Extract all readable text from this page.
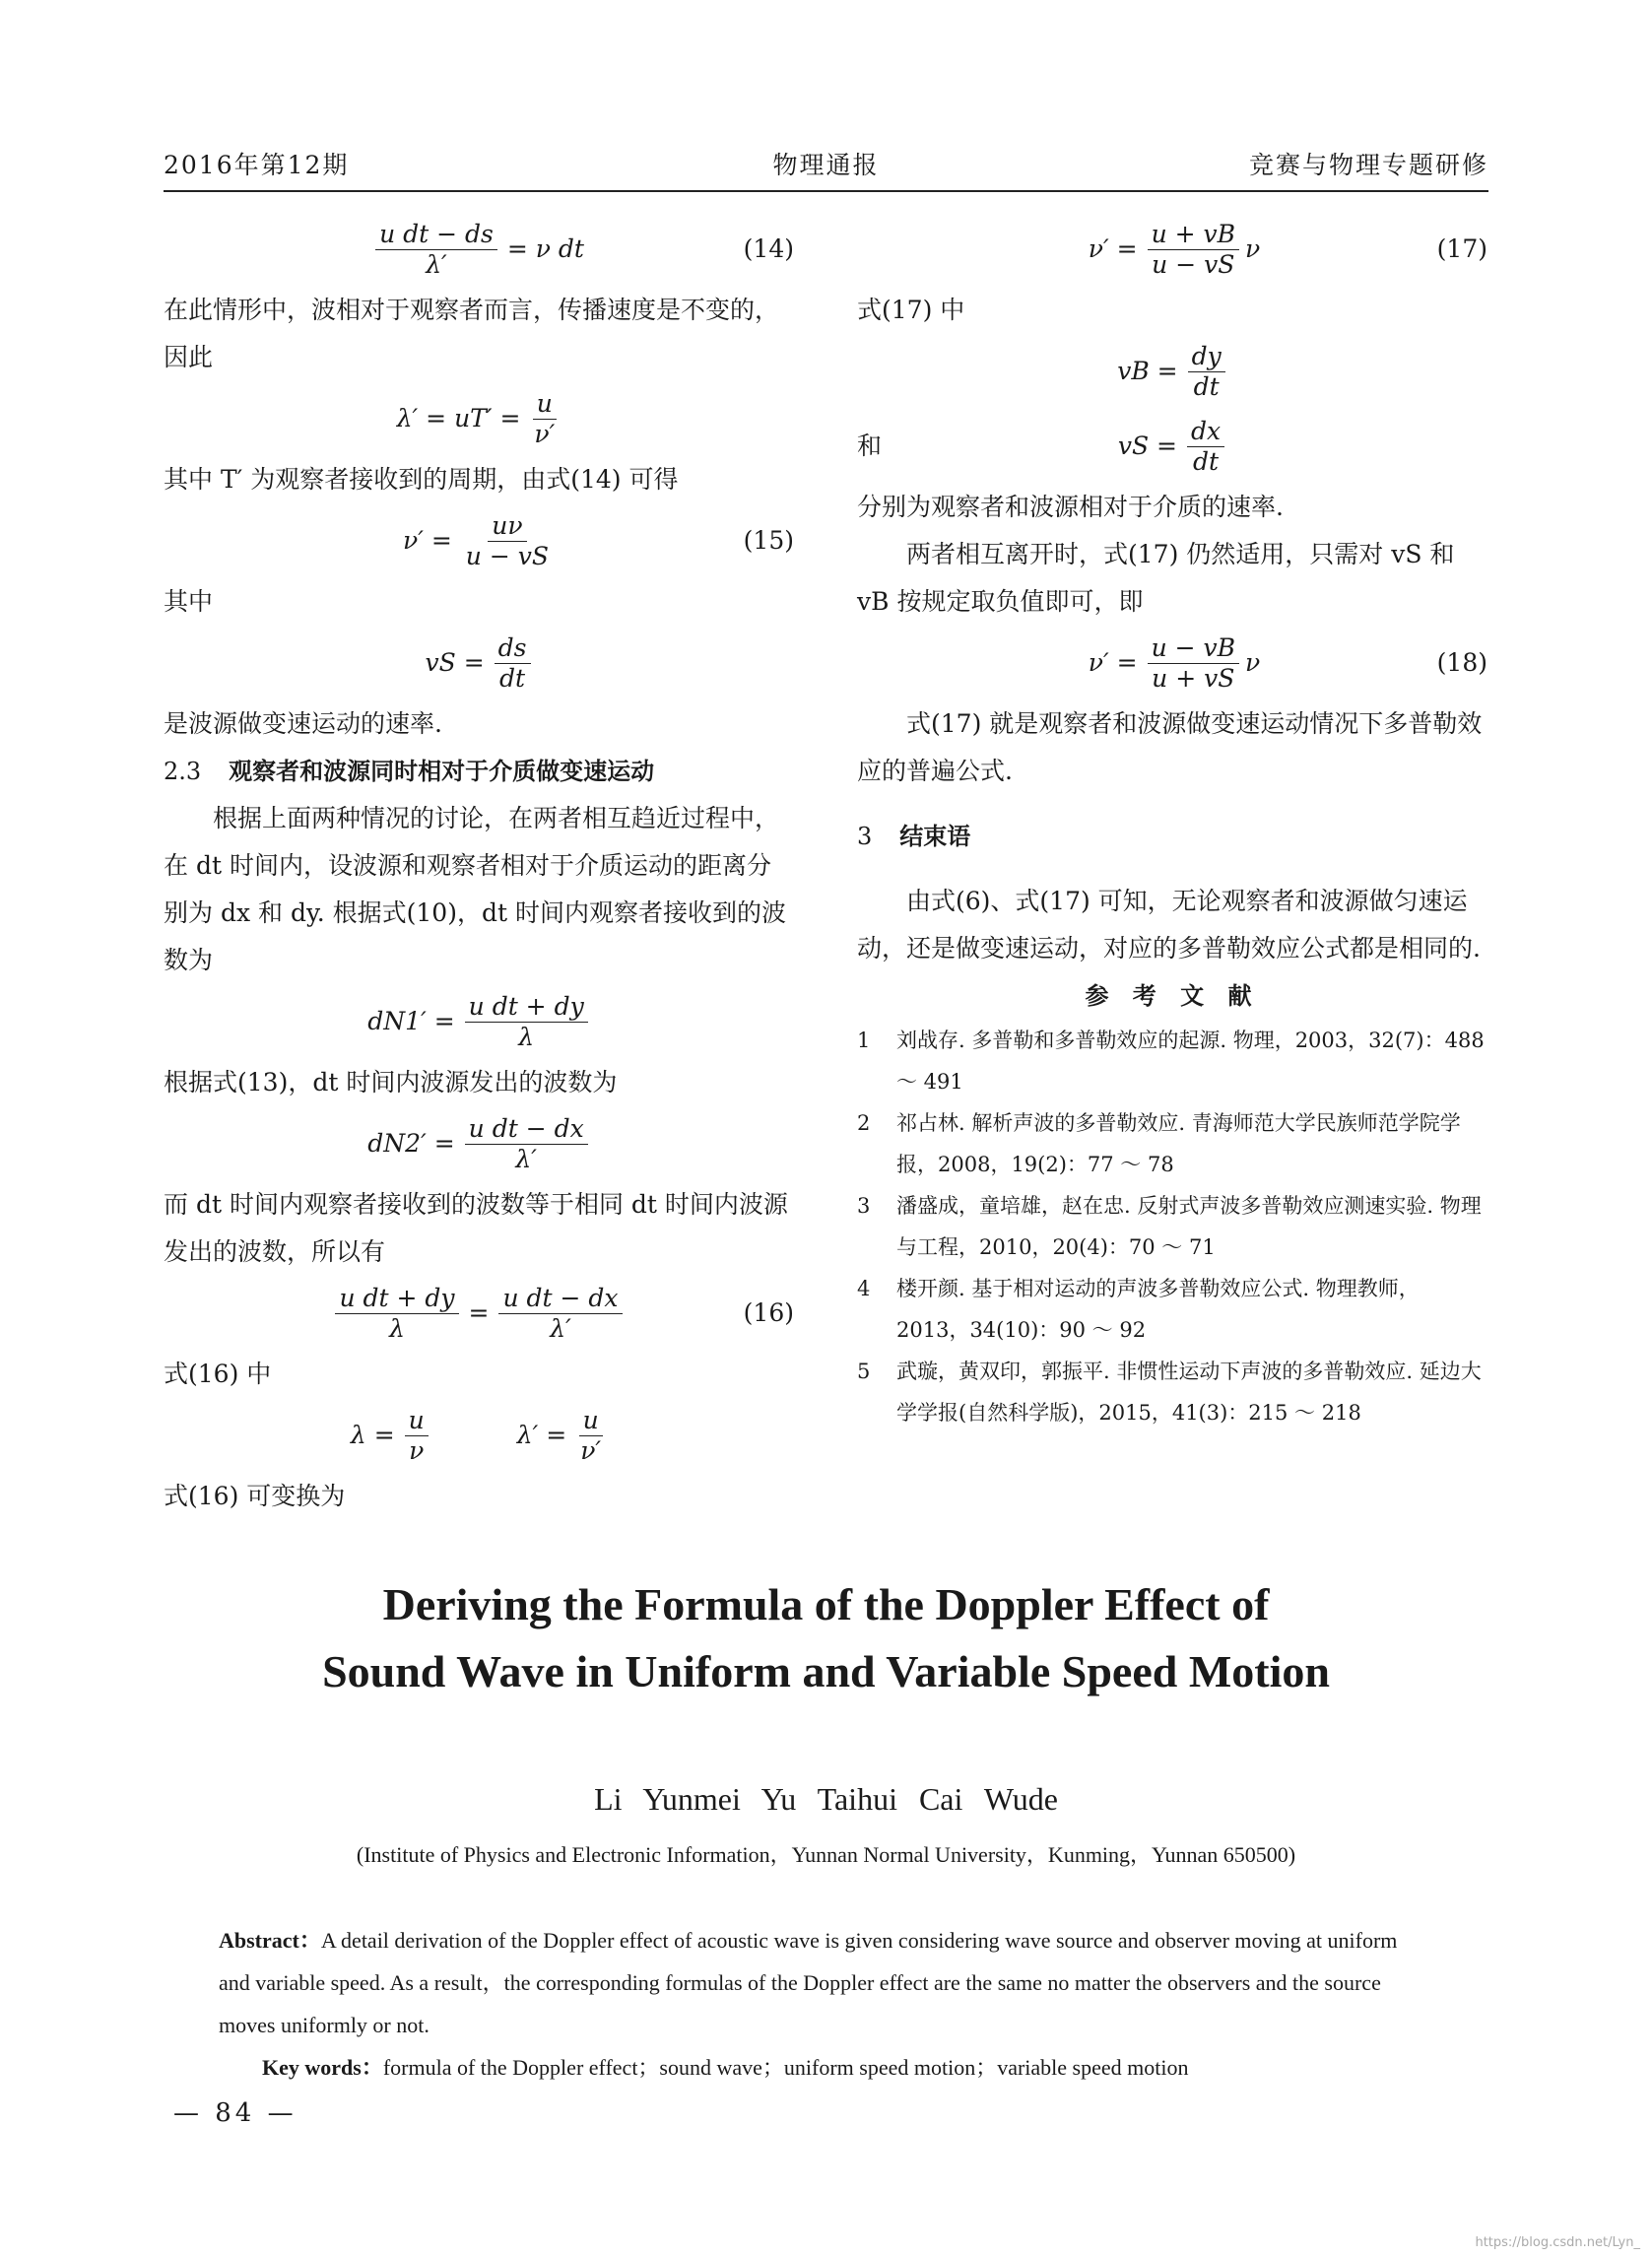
2016年第12期	物理通报	竞赛与物理专题研修
$\frac{\text{u dt − ds}}{\lambda'} = \nu$ dt	(14)

在此情形中，波相对于观察者而言，传播速度是不变的，因此

$\lambda' = uT' = \frac{u}{\nu'}$

其中 T′ 为观察者接收到的周期，由式(14) 可得

$\nu' = \frac{u\nu}{u - vS}$	(15)

其中

vS = $\frac{ds}{dt}$

是波源做变速运动的速率.

2.3 观察者和波源同时相对于介质做变速运动

根据上面两种情况的讨论，在两者相互趋近过程中，在 dt 时间内，设波源和观察者相对于介质运动的距离分别为 dx 和 dy. 根据式(10)，dt 时间内观察者接收到的波数为

$dN1' = \frac{\text{u dt + dy}}{\lambda}$

根据式(13)，dt 时间内波源发出的波数为

$dN2' = \frac{\text{u dt − dx}}{\lambda'}$

而 dt 时间内观察者接收到的波数等于相同 dt 时间内波源发出的波数，所以有

$\frac{\text{u dt + dy}}{\lambda} = \frac{\text{u dt − dx}}{\lambda'}$	(16)

式(16) 中

$\lambda = \frac{u}{\nu}$	$\lambda' = \frac{u}{\nu'}$

式(16) 可变换为

$\nu' = \frac{u + vB}{u - vS}$ ν	(17)

式(17) 中

vB = $\frac{dy}{dt}$
和	vS = $\frac{dx}{dt}$

分别为观察者和波源相对于介质的速率.

两者相互离开时，式(17) 仍然适用，只需对 vS 和 vB 按规定取负值即可，即

$\nu' = \frac{u - vB}{u + vS}$ ν	(18)

式(17) 就是观察者和波源做变速运动情况下多普勒效应的普遍公式.

3 结束语

由式(6)、式(17) 可知，无论观察者和波源做匀速运动，还是做变速运动，对应的多普勒效应公式都是相同的.

参 考 文 献

1 刘战存. 多普勒和多普勒效应的起源. 物理，2003，32(7)：488 ～ 491
2 祁占林. 解析声波的多普勒效应. 青海师范大学民族师范学院学报，2008，19(2)：77 ～ 78
3 潘盛成，童培雄，赵在忠. 反射式声波多普勒效应测速实验. 物理与工程，2010，20(4)：70 ～ 71
4 楼开颜. 基于相对运动的声波多普勒效应公式. 物理教师，2013，34(10)：90 ～ 92
5 武璇，黄双印，郭振平. 非惯性运动下声波的多普勒效应. 延边大学学报(自然科学版)，2015，41(3)：215 ～ 218
Deriving the Formula of the Doppler Effect of
Sound Wave in Uniform and Variable Speed Motion
Li Yunmei Yu Taihui Cai Wude
(Institute of Physics and Electronic Information，Yunnan Normal University，Kunming，Yunnan 650500)
Abstract：A detail derivation of the Doppler effect of acoustic wave is given considering wave source and observer moving at uniform and variable speed. As a result，the corresponding formulas of the Doppler effect are the same no matter the observers and the source moves uniformly or not.
Key words：formula of the Doppler effect；sound wave；uniform speed motion；variable speed motion
— 84 —
https://blog.csdn.net/Lyn_
